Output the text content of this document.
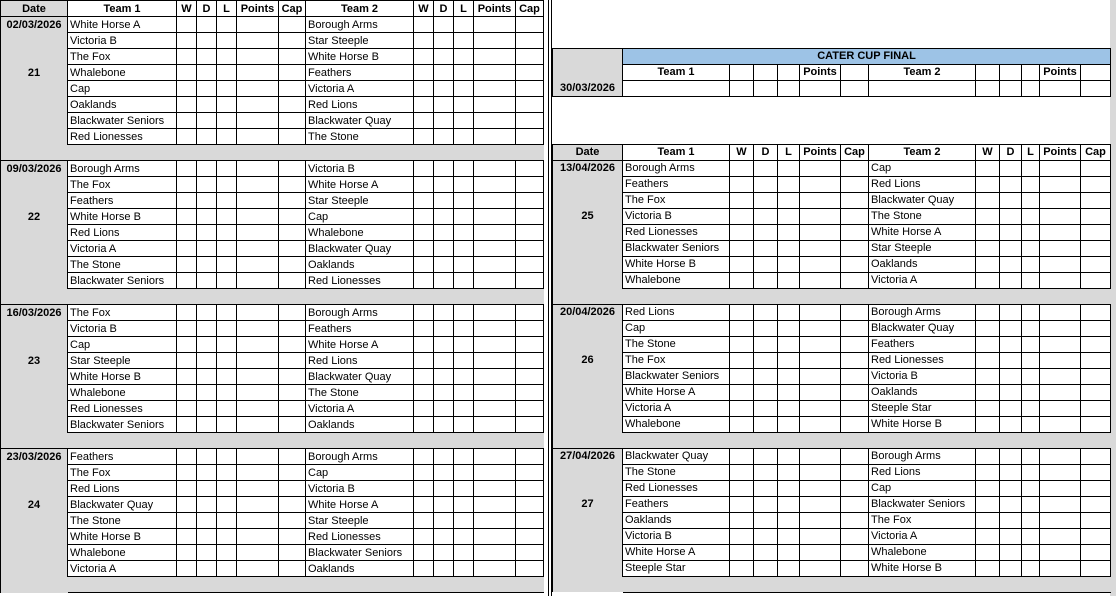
Date	Team 1	W	D	L	Points	Cap	Team 2	W	D	L	Points	Cap
02/03/2026	White Horse A						Borough Arms					
	Victoria B						Star Steeple					
	The Fox						White Horse B					
21	Whalebone						Feathers					
	Cap						Victoria A					
	Oaklands						Red Lions					
	Blackwater Seniors						Blackwater Quay					
	Red Lionesses						The Stone					

09/03/2026	Borough Arms						Victoria B					
	The Fox						White Horse A					
	Feathers						Star Steeple					
22	White Horse B						Cap					
	Red Lions						Whalebone					
	Victoria A						Blackwater Quay					
	The Stone						Oaklands					
	Blackwater Seniors						Red Lionesses					

16/03/2026	The Fox						Borough Arms					
	Victoria B						Feathers					
	Cap						White Horse A					
23	Star Steeple						Red Lions					
	White Horse B						Blackwater Quay					
	Whalebone						The Stone					
	Red Lionesses						Victoria A					
	Blackwater Seniors						Oaklands					

23/03/2026	Feathers						Borough Arms					
	The Fox						Cap					
	Red Lions						Victoria B					
24	Blackwater Quay						White Horse A					
	The Stone						Star Steeple					
	White Horse B						Red Lionesses					
	Whalebone						Blackwater Seniors					
	Victoria A						Oaklands					

	CATER CUP FINAL											
	Team 1				Points		Team 2				Points	
30/03/2026												

Date	Team 1	W	D	L	Points	Cap	Team 2	W	D	L	Points	Cap
13/04/2026	Borough Arms						Cap					
	Feathers						Red Lions					
	The Fox						Blackwater Quay					
25	Victoria B						The Stone					
	Red Lionesses						White Horse A					
	Blackwater Seniors						Star Steeple					
	White Horse B						Oaklands					
	Whalebone						Victoria A					

20/04/2026	Red Lions						Borough Arms					
	Cap						Blackwater Quay					
	The Stone						Feathers					
26	The Fox						Red Lionesses					
	Blackwater Seniors						Victoria B					
	White Horse A						Oaklands					
	Victoria A						Steeple Star					
	Whalebone						White Horse B					

27/04/2026	Blackwater Quay						Borough Arms					
	The Stone						Red Lions					
	Red Lionesses						Cap					
27	Feathers						Blackwater Seniors					
	Oaklands						The Fox					
	Victoria B						Victoria A					
	White Horse A						Whalebone					
	Steeple Star						White Horse B					
